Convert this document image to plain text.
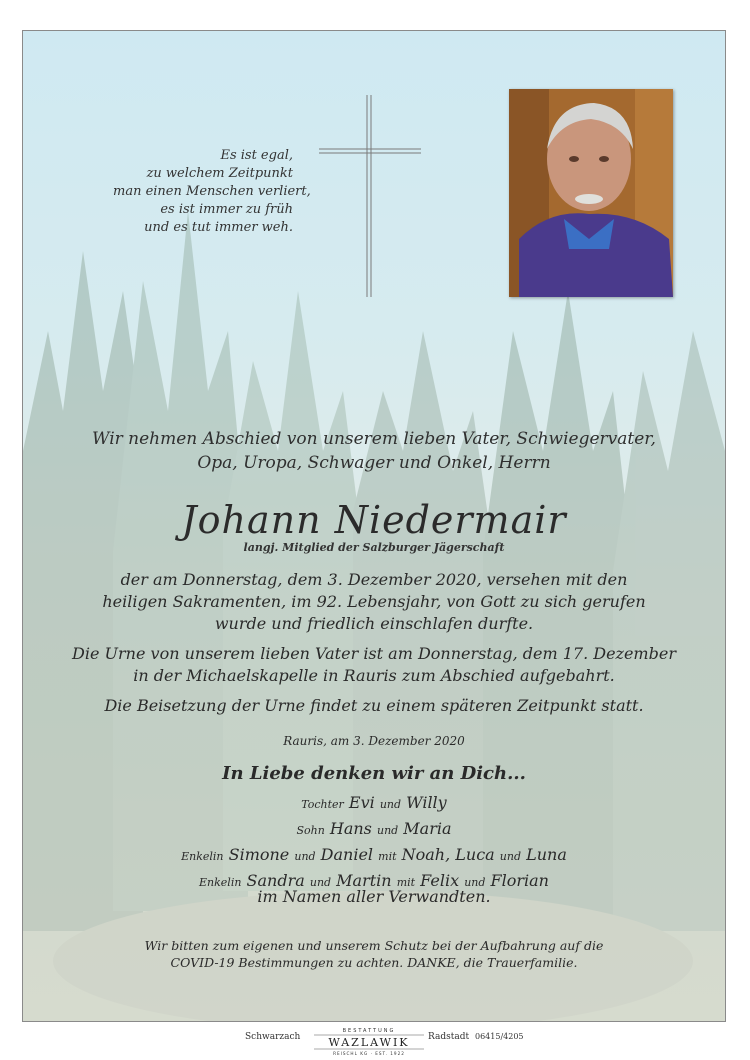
Es ist egal,
zu welchem Zeitpunkt
man einen Menschen verliert,
es ist immer zu früh
und es tut immer weh.
Wir nehmen Abschied von unserem lieben Vater, Schwiegervater,
Opa, Uropa, Schwager und Onkel, Herrn
Johann Niedermair
langj. Mitglied der Salzburger Jägerschaft
der am Donnerstag, dem 3. Dezember 2020, versehen mit den
heiligen Sakramenten, im 92. Lebensjahr, von Gott zu sich gerufen
wurde und friedlich einschlafen durfte.
Die Urne von unserem lieben Vater ist am Donnerstag, dem 17. Dezember
in der Michaelskapelle in Rauris zum Abschied aufgebahrt.
Die Beisetzung der Urne findet zu einem späteren Zeitpunkt statt.
Rauris, am 3. Dezember 2020
In Liebe denken wir an Dich...
Tochter Evi und Willy
Sohn Hans und Maria
Enkelin Simone und Daniel mit Noah, Luca und Luna
Enkelin Sandra und Martin mit Felix und Florian
im Namen aller Verwandten.
Wir bitten zum eigenen und unserem Schutz bei der Aufbahrung auf die
COVID-19 Bestimmungen zu achten. DANKE, die Trauerfamilie.
Schwarzach
BESTATTUNG
WAZLAWIK
REISCHL KG · EST. 1922
Radstadt 06415/4205
